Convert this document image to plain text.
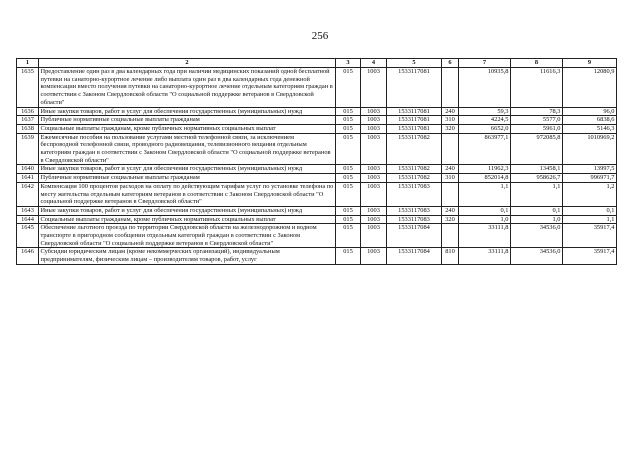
256
1	2	3	4	5	6	7	8	9
1635	Предоставление один раз в два календарных года при наличии медицинских показаний одной бесплатной путевки на санаторно-курортное лечение либо выплата один раз в два календарных года денежной компенсации вместо получения путевки на санаторно-курортное лечение отдельным категориям граждан в соответствии с Законом Свердловской области "О социальной поддержке ветеранов в Свердловской области"	015	1003	1533117081		10935,8	11616,3	12080,9
1636	Иные закупки товаров, работ и услуг для обеспечения государственных (муниципальных) нужд	015	1003	1533117081	240	59,3	78,3	96,0
1637	Публичные нормативные социальные выплаты гражданам	015	1003	1533117081	310	4224,5	5577,0	6838,6
1638	Социальные выплаты гражданам, кроме публичных нормативных социальных выплат	015	1003	1533117081	320	6652,0	5961,0	5146,3
1639	Ежемесячные пособия на пользование услугами местной телефонной связи, за исключением беспроводной телефонной связи, проводного радиовещания, телевизионного вещания отдельным категориям граждан в соответствии с Законом Свердловской области "О социальной поддержке ветеранов в Свердловской области"	015	1003	1533117082		863977,1	972085,8	1010969,2
1640	Иные закупки товаров, работ и услуг для обеспечения государственных (муниципальных) нужд	015	1003	1533117082	240	11962,3	13458,1	13997,5
1641	Публичные нормативные социальные выплаты гражданам	015	1003	1533117082	310	852014,8	958626,7	996971,7
1642	Компенсация 100 процентов расходов на оплату по действующим тарифам услуг по установке телефона по месту жительства отдельным категориям ветеранов в соответствии с Законом Свердловской области "О социальной поддержке ветеранов в Свердловской области"	015	1003	1533117083		1,1	1,1	1,2
1643	Иные закупки товаров, работ и услуг для обеспечения государственных (муниципальных) нужд	015	1003	1533117083	240	0,1	0,1	0,1
1644	Социальные выплаты гражданам, кроме публичных нормативных социальных выплат	015	1003	1533117083	320	1,0	1,0	1,1
1645	Обеспечение льготного проезда по территории Свердловской области на железнодорожном и водном транспорте в пригородном сообщении отдельным категорий граждан в соответствии с Законом Свердловской области "О социальной поддержке ветеранов в Свердловской области"	015	1003	1533117084		33111,8	34536,0	35917,4
1646	Субсидии юридическим лицам (кроме некоммерческих организаций), индивидуальным предпринимателям, физическим лицам – производителям товаров, работ, услуг	015	1003	1533117084	810	33111,8	34536,0	35917,4
